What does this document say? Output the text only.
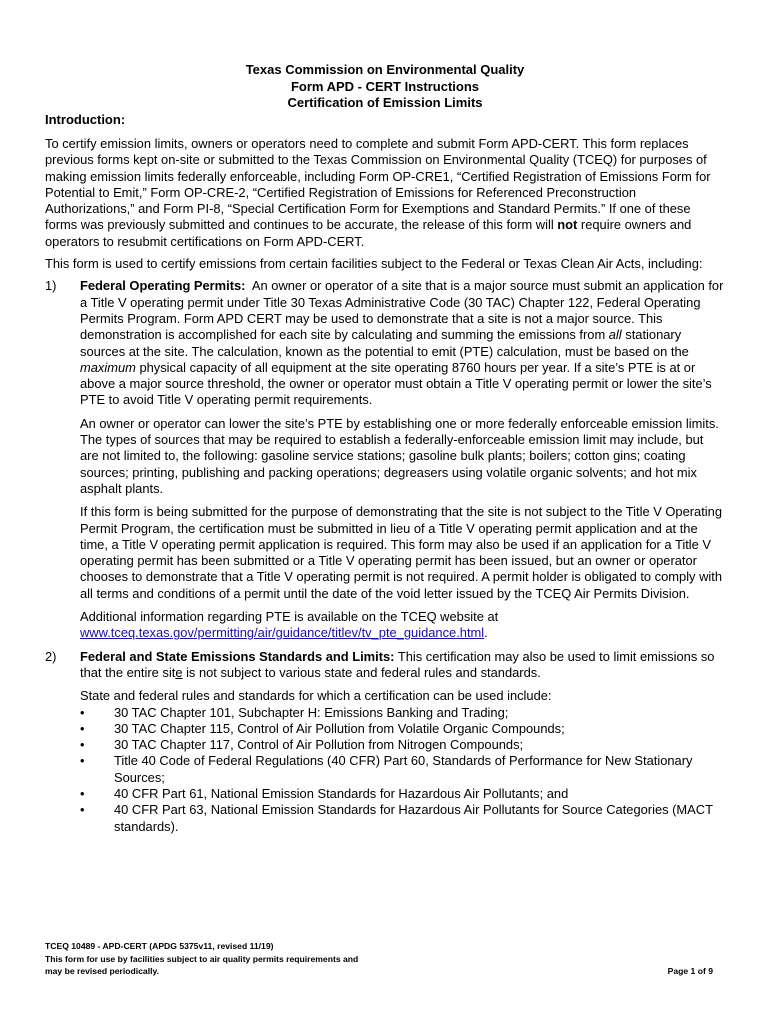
Texas Commission on Environmental Quality
Form APD - CERT Instructions
Certification of Emission Limits
Introduction:

To certify emission limits, owners or operators need to complete and submit Form APD-CERT. This form replaces previous forms kept on-site or submitted to the Texas Commission on Environmental Quality (TCEQ) for purposes of making emission limits federally enforceable, including Form OP-CRE1, “Certified Registration of Emissions Form for Potential to Emit,” Form OP-CRE-2, “Certified Registration of Emissions for Referenced Preconstruction Authorizations,” and Form PI-8, “Special Certification Form for Exemptions and Standard Permits.” If one of these forms was previously submitted and continues to be accurate, the release of this form will not require owners and operators to resubmit certifications on Form APD-CERT.

This form is used to certify emissions from certain facilities subject to the Federal or Texas Clean Air Acts, including:

1) Federal Operating Permits:  An owner or operator of a site that is a major source must submit an application for a Title V operating permit under Title 30 Texas Administrative Code (30 TAC) Chapter 122, Federal Operating Permits Program. Form APD CERT may be used to demonstrate that a site is not a major source. This demonstration is accomplished for each site by calculating and summing the emissions from all stationary sources at the site. The calculation, known as the potential to emit (PTE) calculation, must be based on the maximum physical capacity of all equipment at the site operating 8760 hours per year. If a site’s PTE is at or above a major source threshold, the owner or operator must obtain a Title V operating permit or lower the site’s PTE to avoid Title V operating permit requirements.

An owner or operator can lower the site’s PTE by establishing one or more federally enforceable emission limits. The types of sources that may be required to establish a federally-enforceable emission limit may include, but are not limited to, the following: gasoline service stations; gasoline bulk plants; boilers; cotton gins; coating sources; printing, publishing and packing operations; degreasers using volatile organic solvents; and hot mix asphalt plants.

If this form is being submitted for the purpose of demonstrating that the site is not subject to the Title V Operating Permit Program, the certification must be submitted in lieu of a Title V operating permit application and at the time, a Title V operating permit application is required. This form may also be used if an application for a Title V operating permit has been submitted or a Title V operating permit has been issued, but an owner or operator chooses to demonstrate that a Title V operating permit is not required. A permit holder is obligated to comply with all terms and conditions of a permit until the date of the void letter issued by the TCEQ Air Permits Division.

Additional information regarding PTE is available on the TCEQ website at www.tceq.texas.gov/permitting/air/guidance/titlev/tv_pte_guidance.html.

2) Federal and State Emissions Standards and Limits: This certification may also be used to limit emissions so that the entire site is not subject to various state and federal rules and standards.

State and federal rules and standards for which a certification can be used include:

• 30 TAC Chapter 101, Subchapter H: Emissions Banking and Trading;
• 30 TAC Chapter 115, Control of Air Pollution from Volatile Organic Compounds;
• 30 TAC Chapter 117, Control of Air Pollution from Nitrogen Compounds;
• Title 40 Code of Federal Regulations (40 CFR) Part 60, Standards of Performance for New Stationary Sources;
• 40 CFR Part 61, National Emission Standards for Hazardous Air Pollutants; and
• 40 CFR Part 63, National Emission Standards for Hazardous Air Pollutants for Source Categories (MACT standards).
TCEQ 10489 - APD-CERT (APDG 5375v11, revised 11/19)
This form for use by facilities subject to air quality permits requirements and
may be revised periodically.	Page 1 of 9
